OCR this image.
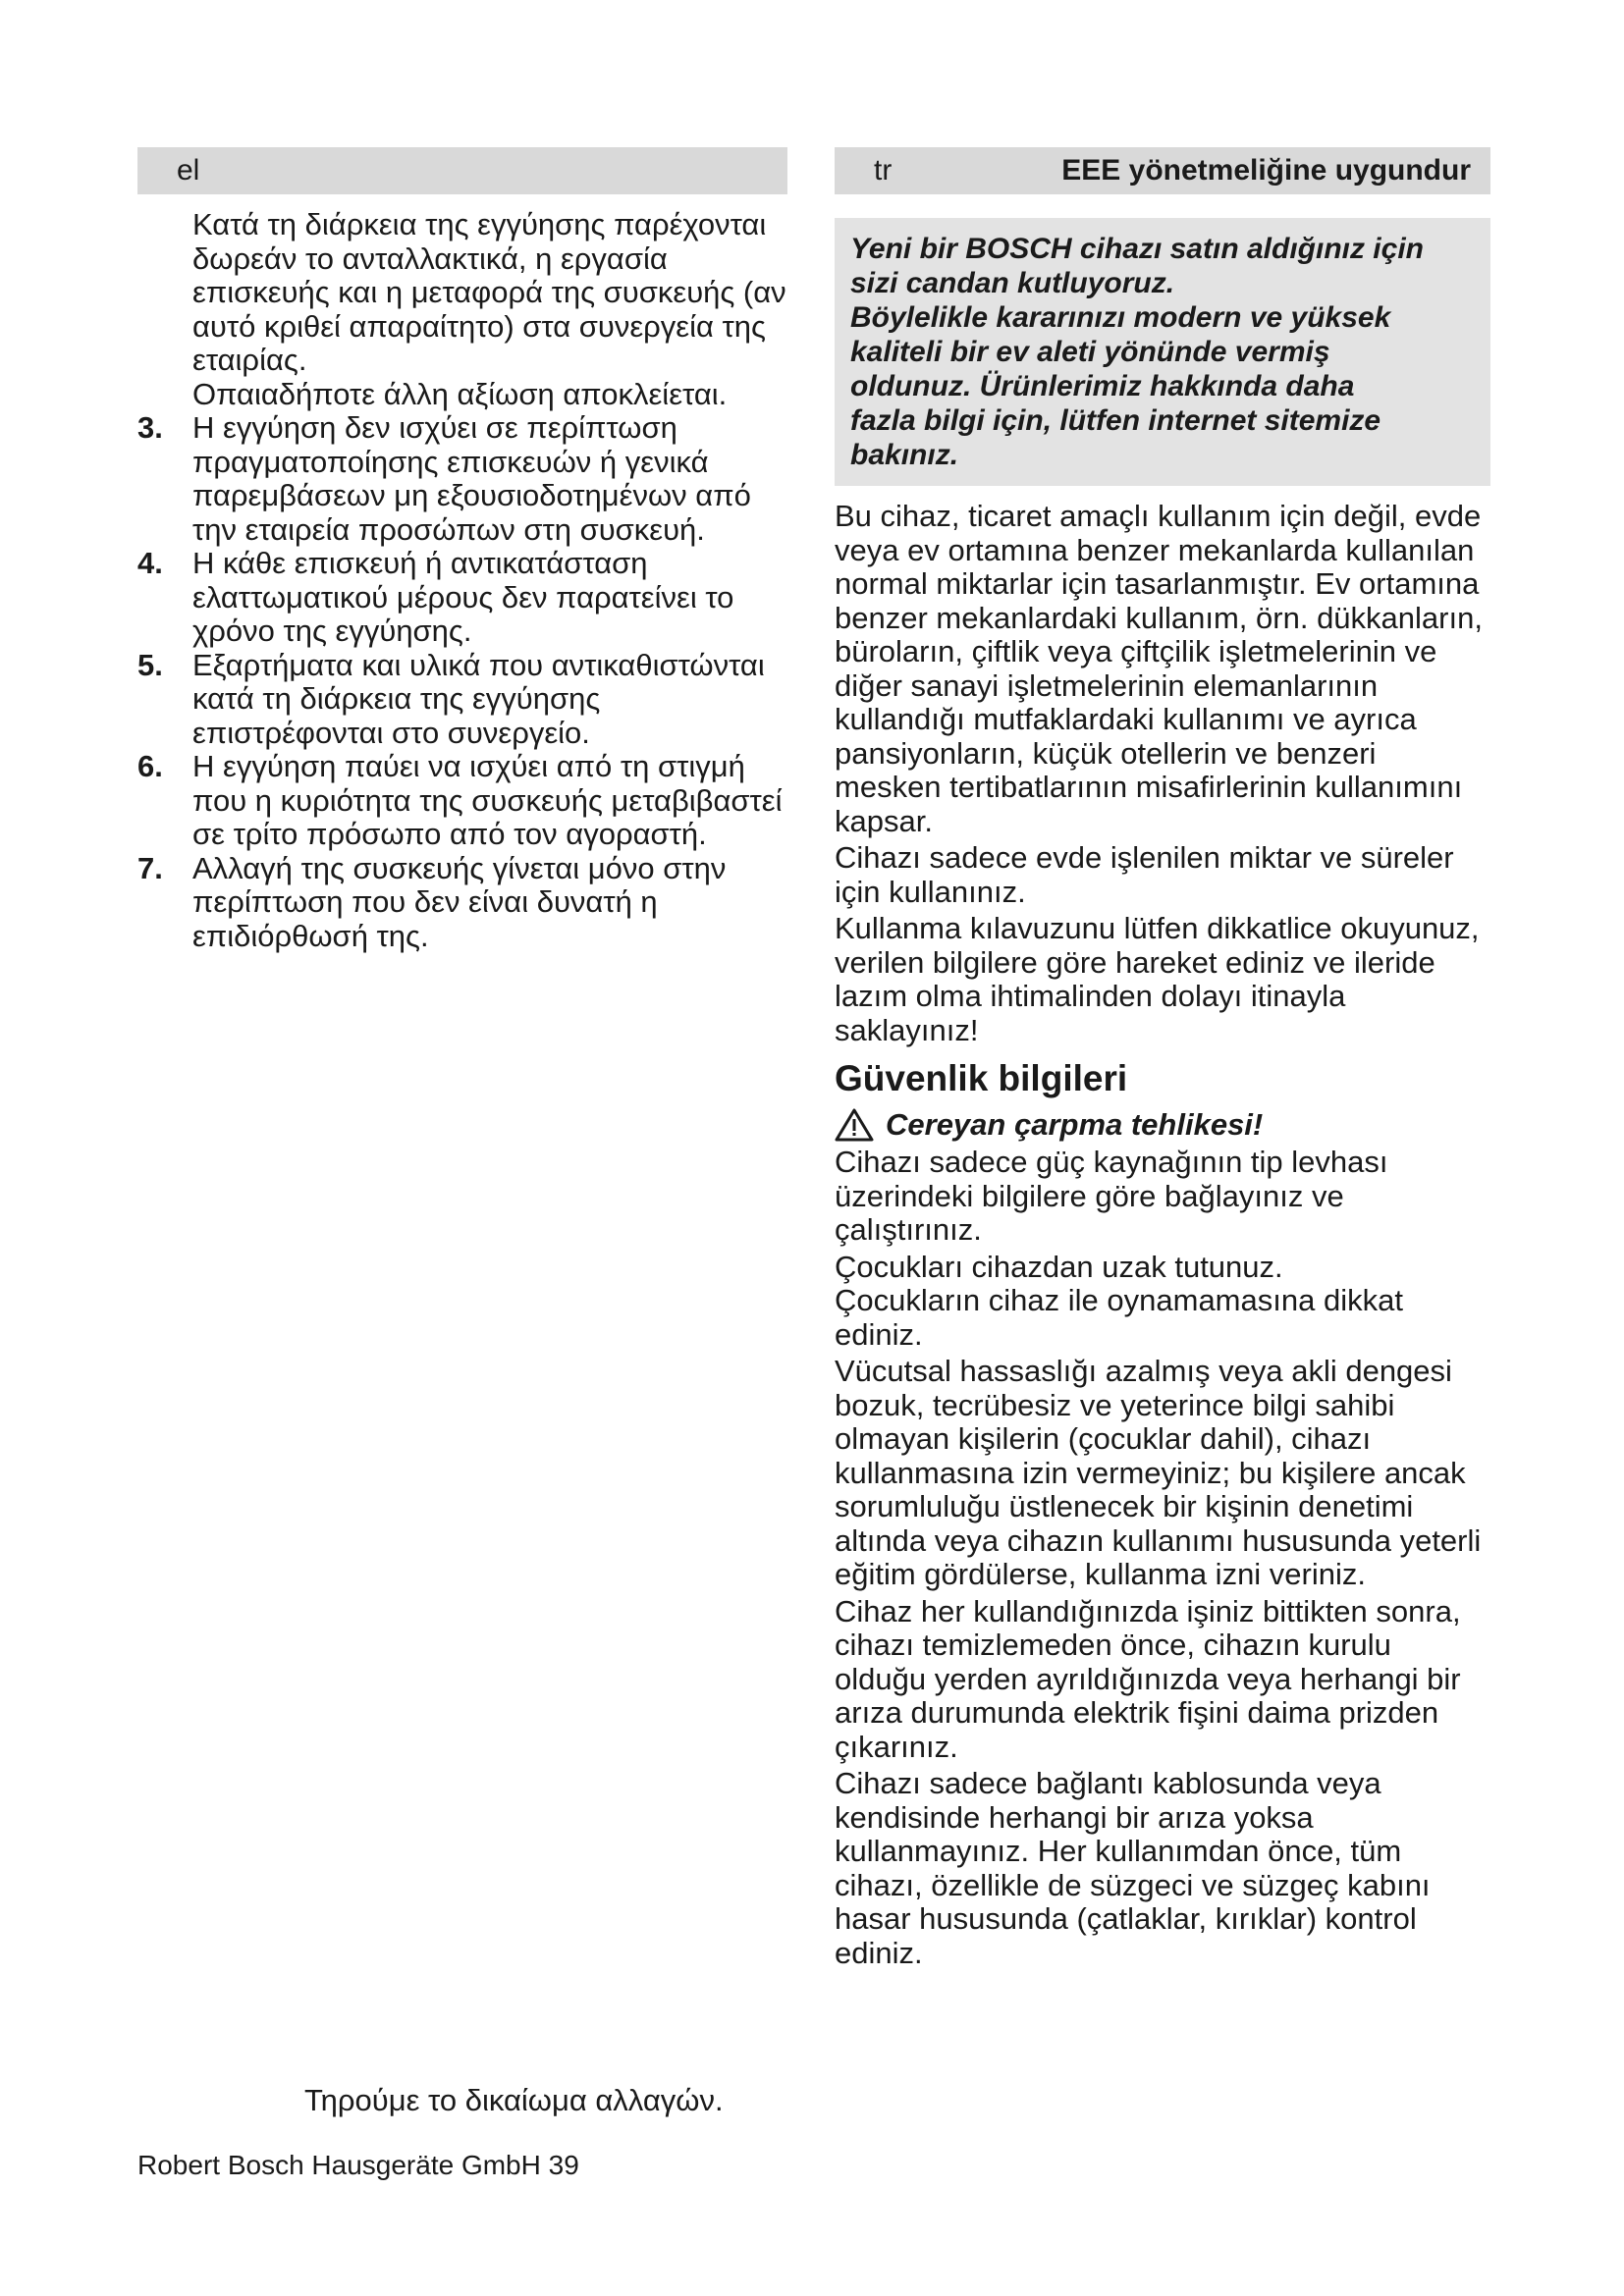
el

Κατά τη διάρκεια της εγγύησης παρέχονται δωρεάν το ανταλλακτικά, η εργασία επισκευής και η μεταφορά της συσκευής (αν αυτό κριθεί απαραίτητο) στα συνεργεία της εταιρίας.

Οπαιαδήποτε άλλη αξίωση αποκλείεται.

3. Η εγγύηση δεν ισχύει σε περίπτωση πραγματοποίησης επισκευών ή γενικά παρεμβάσεων μη εξουσιοδοτημένων από την εταιρεία προσώπων στη συσκευή.
4. Η κάθε επισκευή ή αντικατάσταση ελαττωματικού μέρους δεν παρατείνει το χρόνο της εγγύησης.
5. Εξαρτήματα και υλικά που αντικαθιστώνται κατά τη διάρκεια της εγγύησης επιστρέφονται στο συνεργείο.
6. Η εγγύηση παύει να ισχύει από τη στιγμή που η κυριότητα της συσκευής μεταβιβαστεί σε τρίτο πρόσωπο από τον αγοραστή.
7. Αλλαγή της συσκευής γίνεται μόνο στην περίπτωση που δεν είναι δυνατή η επιδιόρθωσή της.
tr	EEE yönetmeliğine uygundur
Yeni bir BOSCH cihazı satın aldığınız için
sizi candan kutluyoruz.
Böylelikle kararınızı modern ve yüksek
kaliteli bir ev aleti yönünde vermiş
oldunuz. Ürünlerimiz hakkında daha
fazla bilgi için, lütfen internet sitemize
bakınız.

Bu cihaz, ticaret amaçlı kullanım için değil, evde veya ev ortamına benzer mekanlarda kullanılan normal miktarlar için tasarlanmıştır. Ev ortamına benzer mekanlardaki kullanım, örn. dükkanların, büroların, çiftlik veya çiftçilik işletmelerinin ve diğer sanayi işletmelerinin elemanlarının kullandığı mutfaklardaki kullanımı ve ayrıca pansiyonların, küçük otellerin ve benzeri mesken tertibatlarının misafirlerinin kullanımını kapsar.

Cihazı sadece evde işlenilen miktar ve süreler için kullanınız.

Kullanma kılavuzunu lütfen dikkatlice okuyunuz, verilen bilgilere göre hareket ediniz ve ileride lazım olma ihtimalinden dolayı itinayla saklayınız!

Güvenlik bilgileri
Cereyan çarpma tehlikesi!

Cihazı sadece güç kaynağının tip levhası üzerindeki bilgilere göre bağlayınız ve çalıştırınız.

Çocukları cihazdan uzak tutunuz.

Çocukların cihaz ile oynamamasına dikkat ediniz.

Vücutsal hassaslığı azalmış veya akli dengesi bozuk, tecrübesiz ve yeterince bilgi sahibi olmayan kişilerin (çocuklar dahil), cihazı kullanmasına izin vermeyiniz; bu kişilere ancak sorumluluğu üstlenecek bir kişinin denetimi altında veya cihazın kullanımı hususunda yeterli eğitim gördülerse, kullanma izni veriniz.

Cihaz her kullandığınızda işiniz bittikten sonra, cihazı temizlemeden önce, cihazın kurulu olduğu yerden ayrıldığınızda veya herhangi bir arıza durumunda elektrik fişini daima prizden çıkarınız.

Cihazı sadece bağlantı kablosunda veya kendisinde herhangi bir arıza yoksa kullanmayınız. Her kullanımdan önce, tüm cihazı, özellikle de süzgeci ve süzgeç kabını hasar hususunda (çatlaklar, kırıklar) kontrol ediniz.

Τηρούμε το δικαίωμα αλλαγών.
Robert Bosch Hausgeräte GmbH 39
